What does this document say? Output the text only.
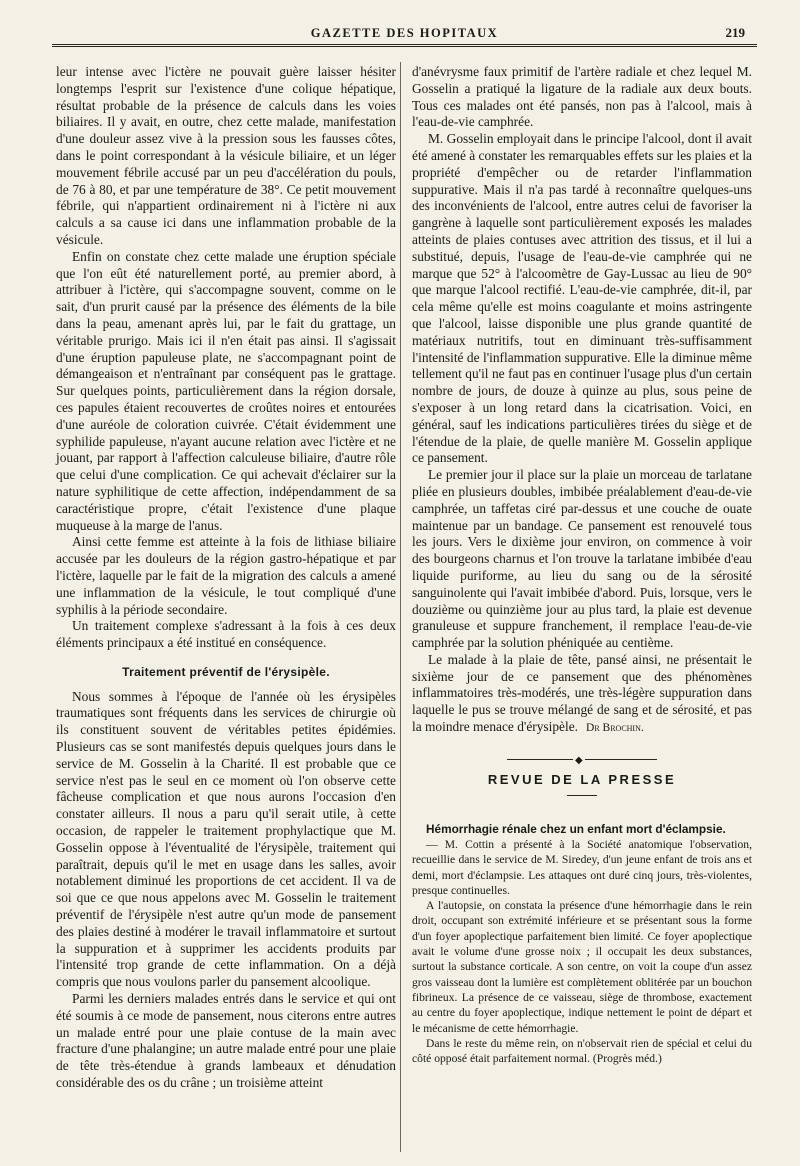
GAZETTE DES HOPITAUX	219

leur intense avec l'ictère ne pouvait guère laisser hésiter longtemps l'esprit sur l'existence d'une colique hépatique, résultat probable de la présence de calculs dans les voies biliaires. Il y avait, en outre, chez cette malade, manifestation d'une douleur assez vive à la pression sous les fausses côtes, dans le point correspondant à la vésicule biliaire, et un léger mouvement fébrile accusé par un peu d'accélération du pouls, de 76 à 80, et par une température de 38°. Ce petit mouvement fébrile, qui n'appartient ordinairement ni à l'ictère ni aux calculs a sa cause ici dans une inflammation probable de la vésicule.

Enfin on constate chez cette malade une éruption spéciale que l'on eût été naturellement porté, au premier abord, à attribuer à l'ictère, qui s'accompagne souvent, comme on le sait, d'un prurit causé par la présence des éléments de la bile dans la peau, amenant après lui, par le fait du grattage, un véritable prurigo. Mais ici il n'en était pas ainsi. Il s'agissait d'une éruption papuleuse plate, ne s'accompagnant point de démangeaison et n'entraînant par conséquent pas le grattage. Sur quelques points, particulièrement dans la région dorsale, ces papules étaient recouvertes de croûtes noires et entourées d'une auréole de coloration cuivrée. C'était évidemment une syphilide papuleuse, n'ayant aucune relation avec l'ictère et ne jouant, par rapport à l'affection calculeuse biliaire, d'autre rôle que celui d'une complication. Ce qui achevait d'éclairer sur la nature syphilitique de cette affection, indépendamment de sa caractéristique propre, c'était l'existence d'une plaque muqueuse à la marge de l'anus.

Ainsi cette femme est atteinte à la fois de lithiase biliaire accusée par les douleurs de la région gastro-hépatique et par l'ictère, laquelle par le fait de la migration des calculs a amené une inflammation de la vésicule, le tout compliqué d'une syphilis à la période secondaire.

Un traitement complexe s'adressant à la fois à ces deux éléments principaux a été institué en conséquence.

Traitement préventif de l'érysipèle.

Nous sommes à l'époque de l'année où les érysipèles traumatiques sont fréquents dans les services de chirurgie où ils constituent souvent de véritables petites épidémies. Plusieurs cas se sont manifestés depuis quelques jours dans le service de M. Gosselin à la Charité. Il est probable que ce service n'est pas le seul en ce moment où l'on observe cette fâcheuse complication et que nous aurons l'occasion d'en constater ailleurs. Il nous a paru qu'il serait utile, à cette occasion, de rappeler le traitement prophylactique que M. Gosselin oppose à l'éventualité de l'érysipèle, traitement qui paraîtrait, depuis qu'il le met en usage dans les salles, avoir notablement diminué les proportions de cet accident. Il va de soi que ce que nous appelons avec M. Gosselin le traitement préventif de l'érysipèle n'est autre qu'un mode de pansement des plaies destiné à modérer le travail inflammatoire et surtout la suppuration et à supprimer les accidents produits par l'intensité trop grande de cette inflammation. On a déjà compris que nous voulons parler du pansement alcoolique.

Parmi les derniers malades entrés dans le service et qui ont été soumis à ce mode de pansement, nous citerons entre autres un malade entré pour une plaie contuse de la main avec fracture d'une phalangine; un autre malade entré pour une plaie de tête très-étendue à grands lambeaux et dénudation considérable des os du crâne ; un troisième atteint

d'anévrysme faux primitif de l'artère radiale et chez lequel M. Gosselin a pratiqué la ligature de la radiale aux deux bouts. Tous ces malades ont été pansés, non pas à l'alcool, mais à l'eau-de-vie camphrée.

M. Gosselin employait dans le principe l'alcool, dont il avait été amené à constater les remarquables effets sur les plaies et la propriété d'empêcher ou de retarder l'inflammation suppurative. Mais il n'a pas tardé à reconnaître quelques-uns des inconvénients de l'alcool, entre autres celui de favoriser la gangrène à laquelle sont particulièrement exposés les malades atteints de plaies contuses avec attrition des tissus, et il lui a substitué, depuis, l'usage de l'eau-de-vie camphrée qui ne marque que 52° à l'alcoomètre de Gay-Lussac au lieu de 90° que marque l'alcool rectifié. L'eau-de-vie camphrée, dit-il, par cela même qu'elle est moins coagulante et moins astringente que l'alcool, laisse disponible une plus grande quantité de matériaux nutritifs, tout en diminuant très-suffisamment l'intensité de l'inflammation suppurative. Elle la diminue même tellement qu'il ne faut pas en continuer l'usage plus d'un certain nombre de jours, de douze à quinze au plus, sous peine de s'exposer à un long retard dans la cicatrisation. Voici, en général, sauf les indications particulières tirées du siège et de l'étendue de la plaie, de quelle manière M. Gosselin applique ce pansement.

Le premier jour il place sur la plaie un morceau de tarlatane pliée en plusieurs doubles, imbibée préalablement d'eau-de-vie camphrée, un taffetas ciré par-dessus et une couche de ouate maintenue par un bandage. Ce pansement est renouvelé tous les jours. Vers le dixième jour environ, on commence à voir des bourgeons charnus et l'on trouve la tarlatane imbibée d'eau liquide puriforme, au lieu du sang ou de la sérosité sanguinolente qui l'avait imbibée d'abord. Puis, lorsque, vers le douzième ou quinzième jour au plus tard, la plaie est devenue granuleuse et suppure franchement, il remplace l'eau-de-vie camphrée par la solution phéniquée au centième.

Le malade à la plaie de tête, pansé ainsi, ne présentait le sixième jour de ce pansement que des phénomènes inflammatoires très-modérés, une très-légère suppuration dans laquelle le pus se trouve mélangé de sang et de sérosité, et pas la moindre menace d'érysipèle. Dr Brochin.

◆
REVUE DE LA PRESSE

Hémorrhagie rénale chez un enfant mort d'éclampsie.

— M. Cottin a présenté à la Société anatomique l'observation, recueillie dans le service de M. Siredey, d'un jeune enfant de trois ans et demi, mort d'éclampsie. Les attaques ont duré cinq jours, très-violentes, presque continuelles.

A l'autopsie, on constata la présence d'une hémorrhagie dans le rein droit, occupant son extrémité inférieure et se présentant sous la forme d'un foyer apoplectique parfaitement bien limité. Ce foyer apoplectique avait le volume d'une grosse noix ; il occupait les deux substances, surtout la substance corticale. A son centre, on voit la coupe d'un assez gros vaisseau dont la lumière est complètement oblitérée par un bouchon fibrineux. La présence de ce vaisseau, siège de thrombose, exactement au centre du foyer apoplectique, indique nettement le point de départ et le mécanisme de cette hémorrhagie.

Dans le reste du même rein, on n'observait rien de spécial et celui du côté opposé était parfaitement normal. (Progrès méd.)
